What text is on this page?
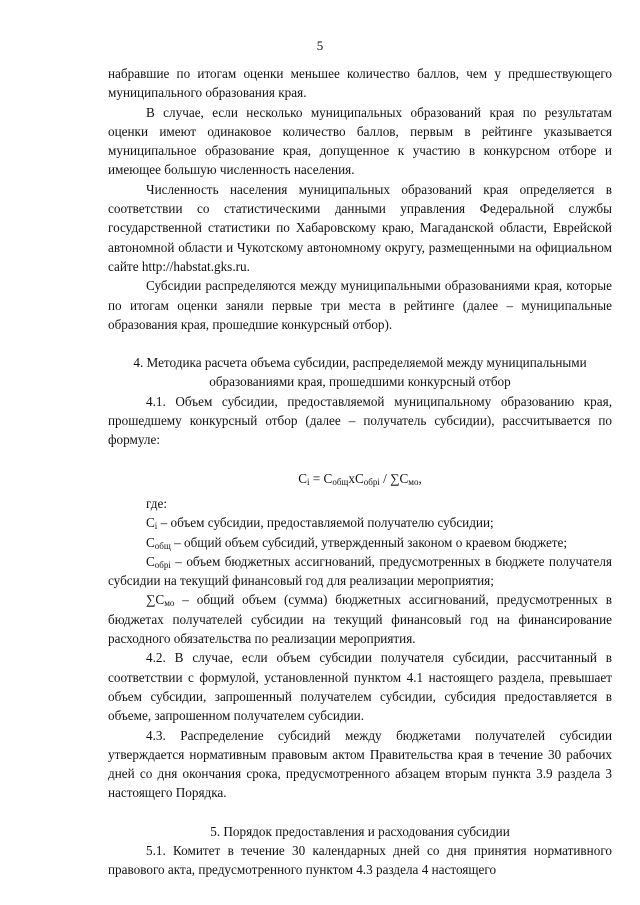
5

набравшие по итогам оценки меньшее количество баллов, чем у предшествующего муниципального образования края.

В случае, если несколько муниципальных образований края по результатам оценки имеют одинаковое количество баллов, первым в рейтинге указывается муниципальное образование края, допущенное к участию в конкурсном отборе и имеющее большую численность населения.

Численность населения муниципальных образований края определяется в соответствии со статистическими данными управления Федеральной службы государственной статистики по Хабаровскому краю, Магаданской области, Еврейской автономной области и Чукотскому автономному округу, размещенными на официальном сайте http://habstat.gks.ru.

Субсидии распределяются между муниципальными образованиями края, которые по итогам оценки заняли первые три места в рейтинге (далее – муниципальные образования края, прошедшие конкурсный отбор).

4. Методика расчета объема субсидии, распределяемой между муниципальными образованиями края, прошедшими конкурсный отбор

4.1. Объем субсидии, предоставляемой муниципальному образованию края, прошедшему конкурсный отбор (далее – получатель субсидии), рассчитывается по формуле:

$C_i = C_{общ}xC_{обрi} / \sum C_{мо}$,

где:

$C_i$ – объем субсидии, предоставляемой получателю субсидии;

$C_{общ}$ – общий объем субсидий, утвержденный законом о краевом бюджете;

$C_{обрi}$ – объем бюджетных ассигнований, предусмотренных в бюджете получателя субсидии на текущий финансовый год для реализации мероприятия;

$\sum C_{мо}$ – общий объем (сумма) бюджетных ассигнований, предусмотренных в бюджетах получателей субсидии на текущий финансовый год на финансирование расходного обязательства по реализации мероприятия.

4.2. В случае, если объем субсидии получателя субсидии, рассчитанный в соответствии с формулой, установленной пунктом 4.1 настоящего раздела, превышает объем субсидии, запрошенный получателем субсидии, субсидия предоставляется в объеме, запрошенном получателем субсидии.

4.3. Распределение субсидий между бюджетами получателей субсидии утверждается нормативным правовым актом Правительства края в течение 30 рабочих дней со дня окончания срока, предусмотренного абзацем вторым пункта 3.9 раздела 3 настоящего Порядка.

5. Порядок предоставления и расходования субсидии

5.1. Комитет в течение 30 календарных дней со дня принятия нормативного правового акта, предусмотренного пунктом 4.3 раздела 4 настоящего
